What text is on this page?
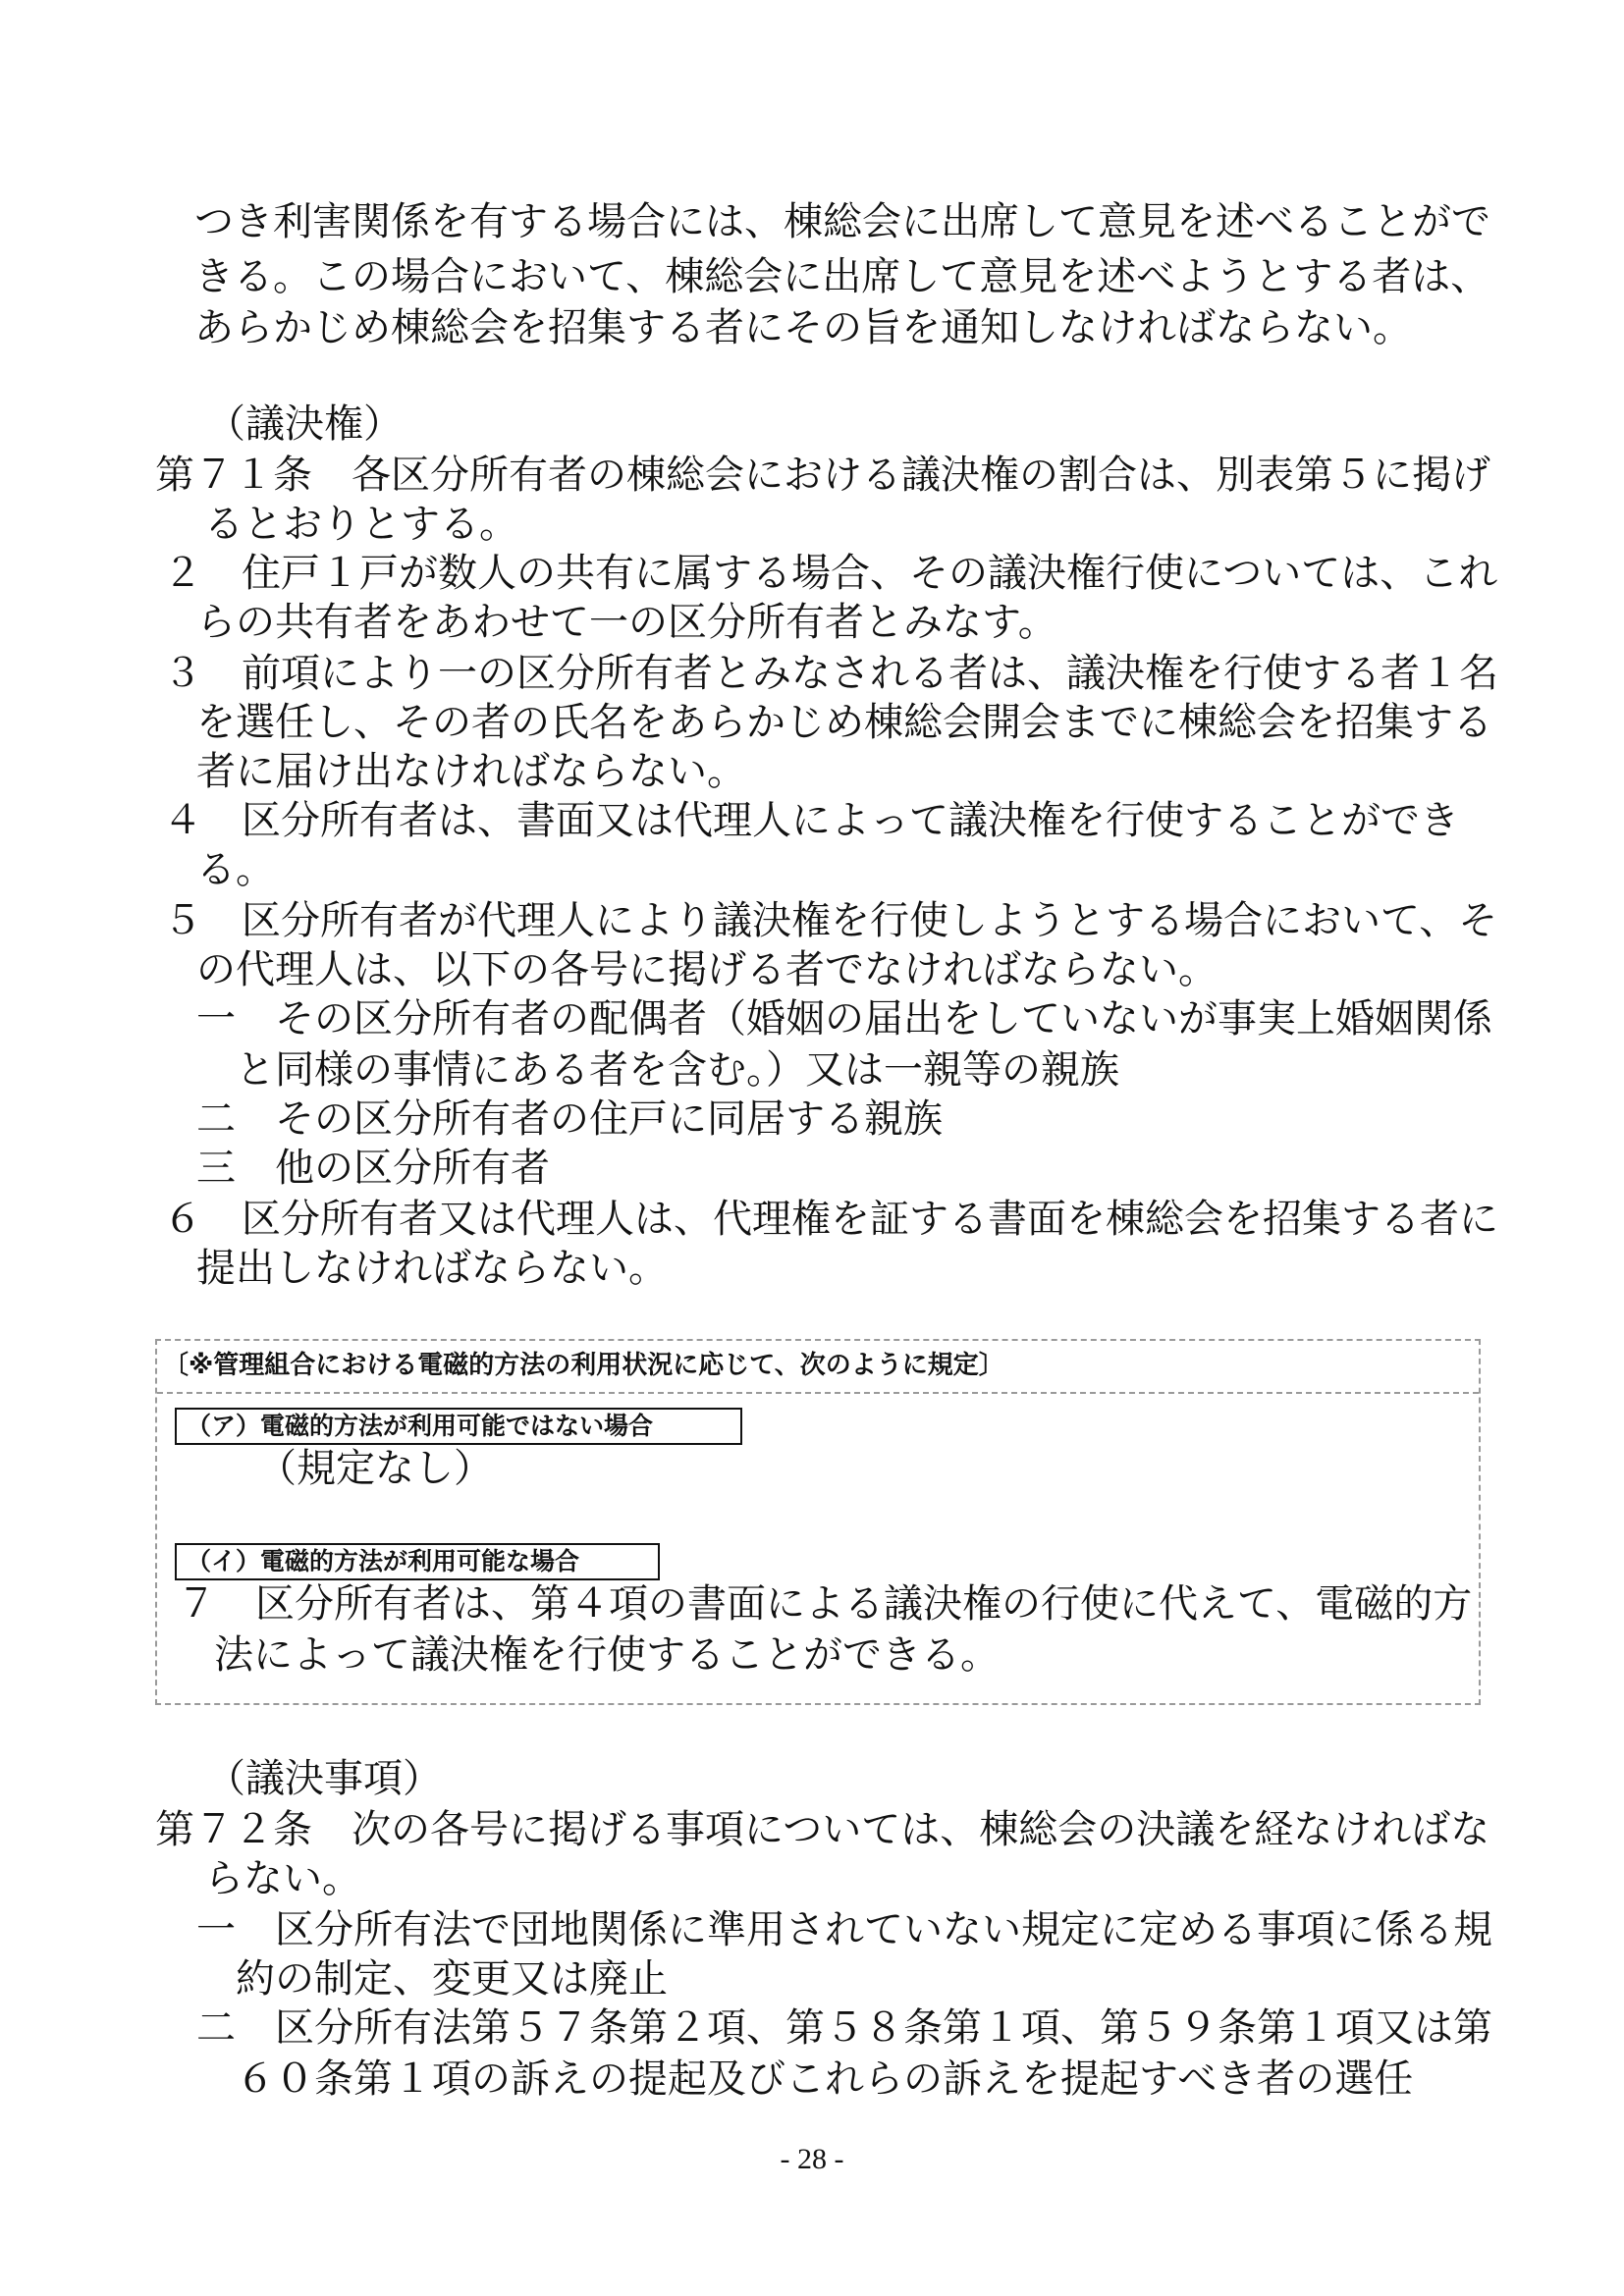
つき利害関係を有する場合には、棟総会に出席して意見を述べることがで
きる。この場合において、棟総会に出席して意見を述べようとする者は、
あらかじめ棟総会を招集する者にその旨を通知しなければならない。
（議決権）
第７１条　各区分所有者の棟総会における議決権の割合は、別表第５に掲げ
るとおりとする。
２　住戸１戸が数人の共有に属する場合、その議決権行使については、これ
らの共有者をあわせて一の区分所有者とみなす。
３　前項により一の区分所有者とみなされる者は、議決権を行使する者１名
を選任し、その者の氏名をあらかじめ棟総会開会までに棟総会を招集する
者に届け出なければならない。
４　区分所有者は、書面又は代理人によって議決権を行使することができ
る。
５　区分所有者が代理人により議決権を行使しようとする場合において、そ
の代理人は、以下の各号に掲げる者でなければならない。
一　その区分所有者の配偶者（婚姻の届出をしていないが事実上婚姻関係
と同様の事情にある者を含む。）又は一親等の親族
二　その区分所有者の住戸に同居する親族
三　他の区分所有者
６　区分所有者又は代理人は、代理権を証する書面を棟総会を招集する者に
提出しなければならない。
〔※管理組合における電磁的方法の利用状況に応じて、次のように規定〕
（ア）電磁的方法が利用可能ではない場合
（規定なし）
（イ）電磁的方法が利用可能な場合
７　区分所有者は、第４項の書面による議決権の行使に代えて、電磁的方
法によって議決権を行使することができる。
（議決事項）
第７２条　次の各号に掲げる事項については、棟総会の決議を経なければな
らない。
一　区分所有法で団地関係に準用されていない規定に定める事項に係る規
約の制定、変更又は廃止
二　区分所有法第５７条第２項、第５８条第１項、第５９条第１項又は第
６０条第１項の訴えの提起及びこれらの訴えを提起すべき者の選任
- 28 -
